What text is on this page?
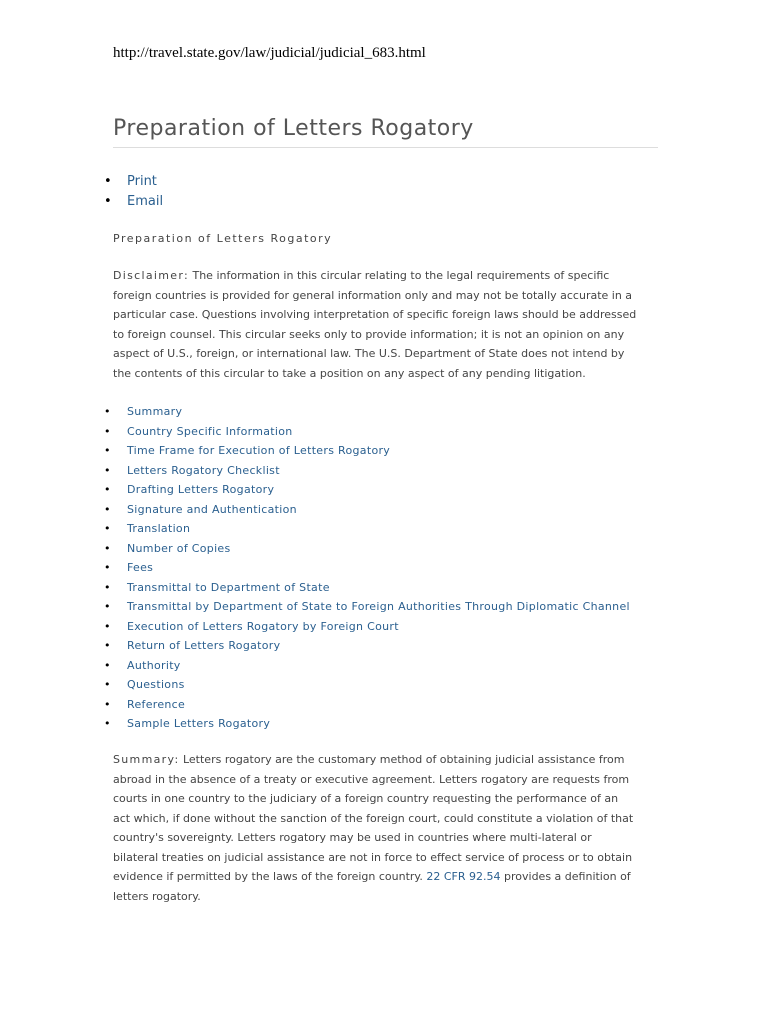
http://travel.state.gov/law/judicial/judicial_683.html

Preparation of Letters Rogatory
• Print
• Email

Preparation of Letters Rogatory

Disclaimer: The information in this circular relating to the legal requirements of specific
foreign countries is provided for general information only and may not be totally accurate in a
particular case. Questions involving interpretation of specific foreign laws should be addressed
to foreign counsel. This circular seeks only to provide information; it is not an opinion on any
aspect of U.S., foreign, or international law. The U.S. Department of State does not intend by
the contents of this circular to take a position on any aspect of any pending litigation.

• Summary
• Country Specific Information
• Time Frame for Execution of Letters Rogatory
• Letters Rogatory Checklist
• Drafting Letters Rogatory
• Signature and Authentication
• Translation
• Number of Copies
• Fees
• Transmittal to Department of State
• Transmittal by Department of State to Foreign Authorities Through Diplomatic Channel
• Execution of Letters Rogatory by Foreign Court
• Return of Letters Rogatory
• Authority
• Questions
• Reference
• Sample Letters Rogatory

Summary: Letters rogatory are the customary method of obtaining judicial assistance from
abroad in the absence of a treaty or executive agreement. Letters rogatory are requests from
courts in one country to the judiciary of a foreign country requesting the performance of an
act which, if done without the sanction of the foreign court, could constitute a violation of that
country's sovereignty. Letters rogatory may be used in countries where multi-lateral or
bilateral treaties on judicial assistance are not in force to effect service of process or to obtain
evidence if permitted by the laws of the foreign country. 22 CFR 92.54 provides a definition of
letters rogatory.
